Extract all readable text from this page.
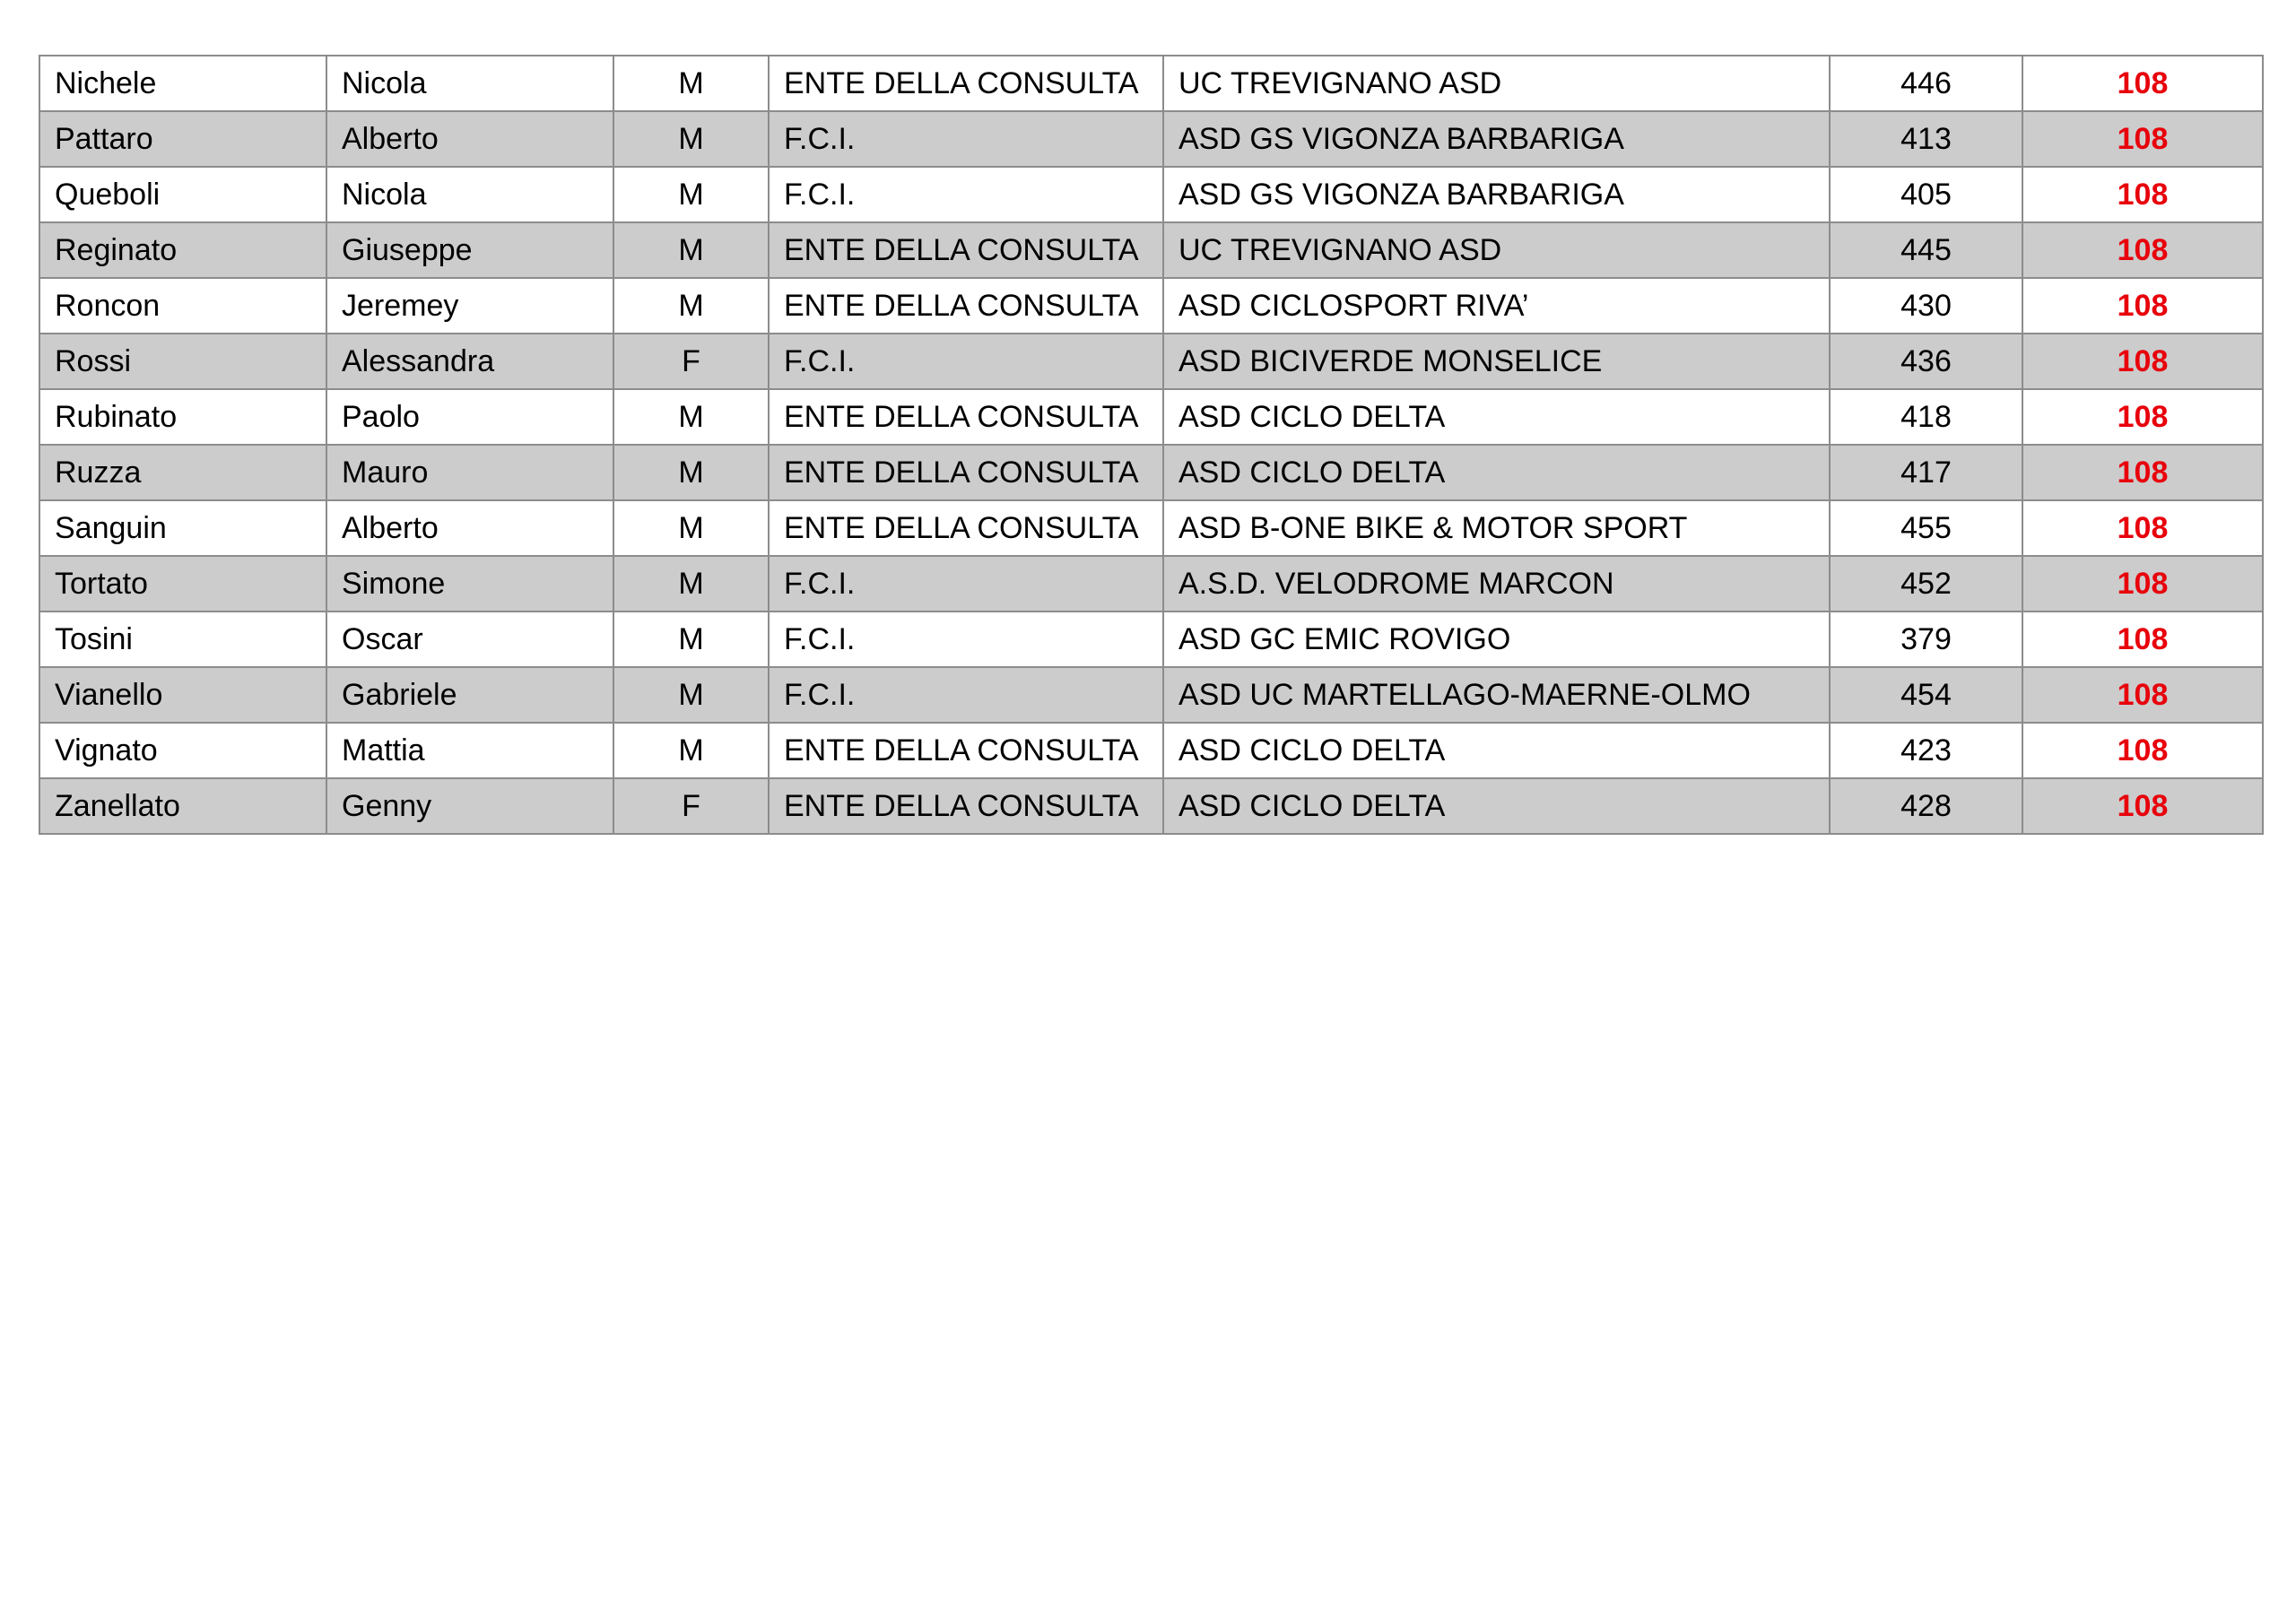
Nichele	Nicola	M	ENTE DELLA CONSULTA	UC TREVIGNANO ASD	446	108
Pattaro	Alberto	M	F.C.I.	ASD GS VIGONZA BARBARIGA	413	108
Queboli	Nicola	M	F.C.I.	ASD GS VIGONZA BARBARIGA	405	108
Reginato	Giuseppe	M	ENTE DELLA CONSULTA	UC TREVIGNANO ASD	445	108
Roncon	Jeremey	M	ENTE DELLA CONSULTA	ASD CICLOSPORT RIVA’	430	108
Rossi	Alessandra	F	F.C.I.	ASD BICIVERDE MONSELICE	436	108
Rubinato	Paolo	M	ENTE DELLA CONSULTA	ASD CICLO DELTA	418	108
Ruzza	Mauro	M	ENTE DELLA CONSULTA	ASD CICLO DELTA	417	108
Sanguin	Alberto	M	ENTE DELLA CONSULTA	ASD B-ONE BIKE & MOTOR SPORT	455	108
Tortato	Simone	M	F.C.I.	A.S.D. VELODROME MARCON	452	108
Tosini	Oscar	M	F.C.I.	ASD GC EMIC ROVIGO	379	108
Vianello	Gabriele	M	F.C.I.	ASD UC MARTELLAGO-MAERNE-OLMO	454	108
Vignato	Mattia	M	ENTE DELLA CONSULTA	ASD CICLO DELTA	423	108
Zanellato	Genny	F	ENTE DELLA CONSULTA	ASD CICLO DELTA	428	108
